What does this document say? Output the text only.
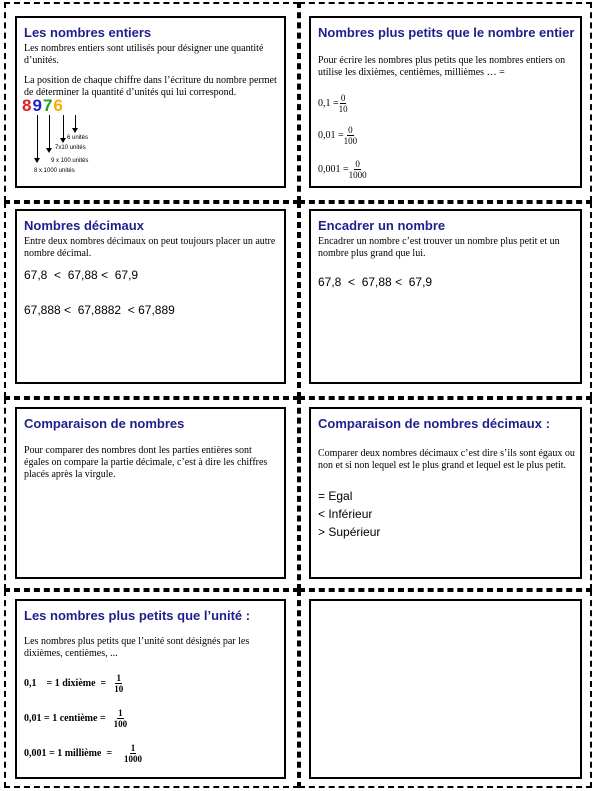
Les nombres entiers

Les nombres entiers sont utilisés pour désigner une quantité d’unités.

La position de chaque chiffre dans l’écriture du nombre permet de déterminer la quantité d’unités qui lui correspond.

8976
6 unités
7x10 unités
9 x 100 unités
8 x 1000 unités
Nombres plus petits que le nombre entier

Pour écrire les nombres plus petits que les nombres entiers on utilise les dixièmes, centièmes, millièmes … =

$0,1 = \frac{0}{10}$
$0,01 = \frac{0}{100}$
$0,001 = \frac{0}{1000}$
Nombres décimaux

Entre deux nombres décimaux on peut toujours placer un autre nombre décimal.

67,8  <  67,88 <  67,9

67,888 <  67,8882  < 67,889

Encadrer un nombre

Encadrer un nombre c’est trouver un nombre plus petit et un nombre plus grand que lui.

67,8  <  67,88 <  67,9

Comparaison de nombres

Pour comparer des nombres dont les parties entières sont égales on compare la partie décimale, c’est à dire les chiffres placés après la virgule.

Comparaison de nombres décimaux :

Comparer deux nombres décimaux c’est dire s’ils sont égaux ou non et si non lequel est le plus grand et lequel est le plus petit.

= Egal

< Inférieur

> Supérieur

Les nombres plus petits que l’unité :

Les nombres plus petits que l’unité sont désignés par les dixièmes, centièmes, ...

0,1    = 1 dixième  = $\frac{1}{10}$
0,01 = 1 centième = $\frac{1}{100}$
0,001 = 1 millième  = $\frac{1}{1000}$
